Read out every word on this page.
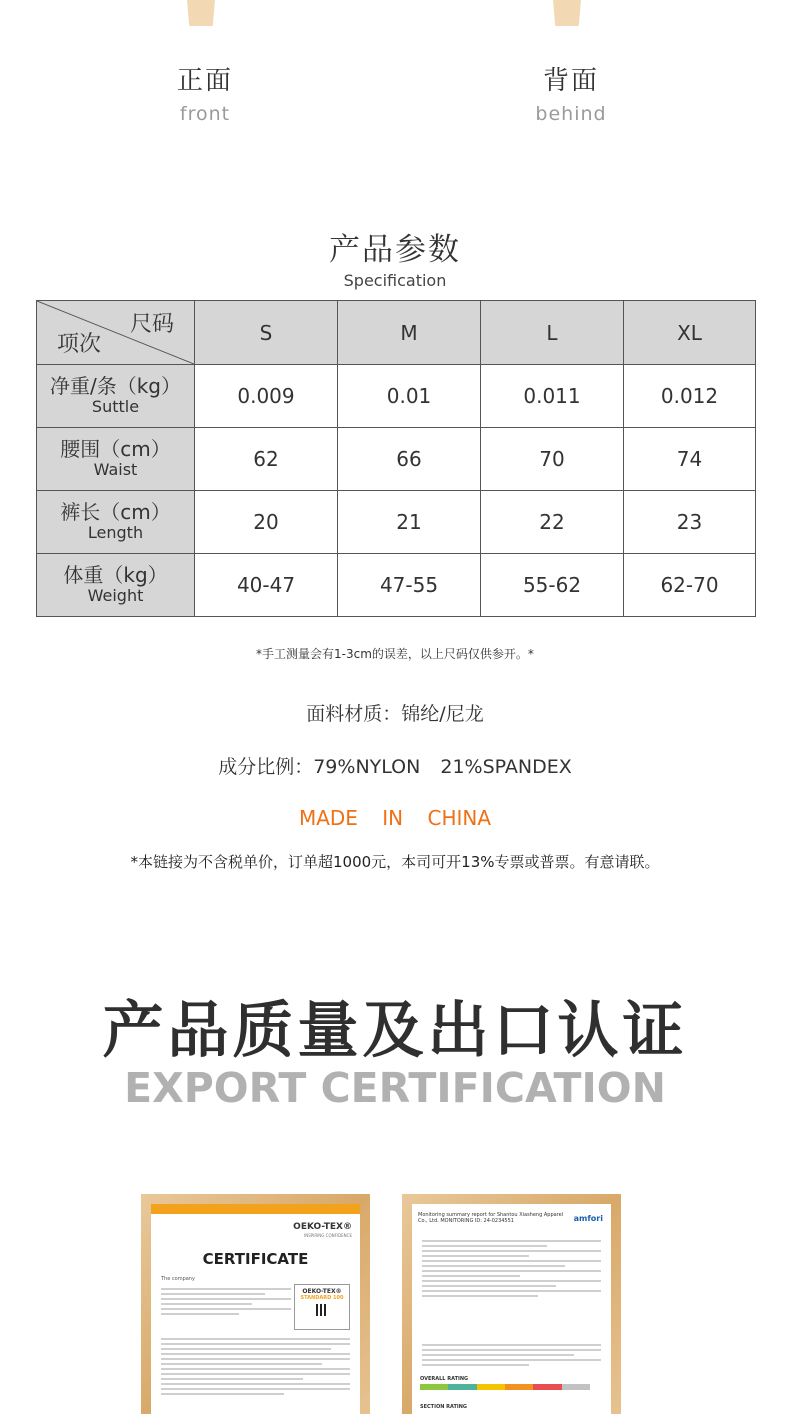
正面
front
背面
behind
产品参数
Specification
尺码
项次	S	M	L	XL

净重/条（kg）
Suttle	0.009	0.01	0.011	0.012

腰围（cm）
Waist	62	66	70	74

裤长（cm）
Length	20	21	22	23

体重（kg）
Weight	40-47	47-55	55-62	62-70
*手工测量会有1-3cm的误差，以上尺码仅供参开。*
面料材质：锦纶/尼龙
成分比例：79%NYLON 21%SPANDEX
MADE IN CHINA
*本链接为不含税单价，订单超1000元，本司可开13%专票或普票。有意请联。
产品质量及出口认证
EXPORT CERTIFICATION
OEKO-TEX®
INSPIRING CONFIDENCE
CERTIFICATE
The company
OEKO-TEX®
STANDARD 100
Monitoring summary report for Shantou Xiasheng Apparel Co., Ltd. MONITORING ID: 24-0234551	amfori
OVERALL RATING
SECTION RATING
